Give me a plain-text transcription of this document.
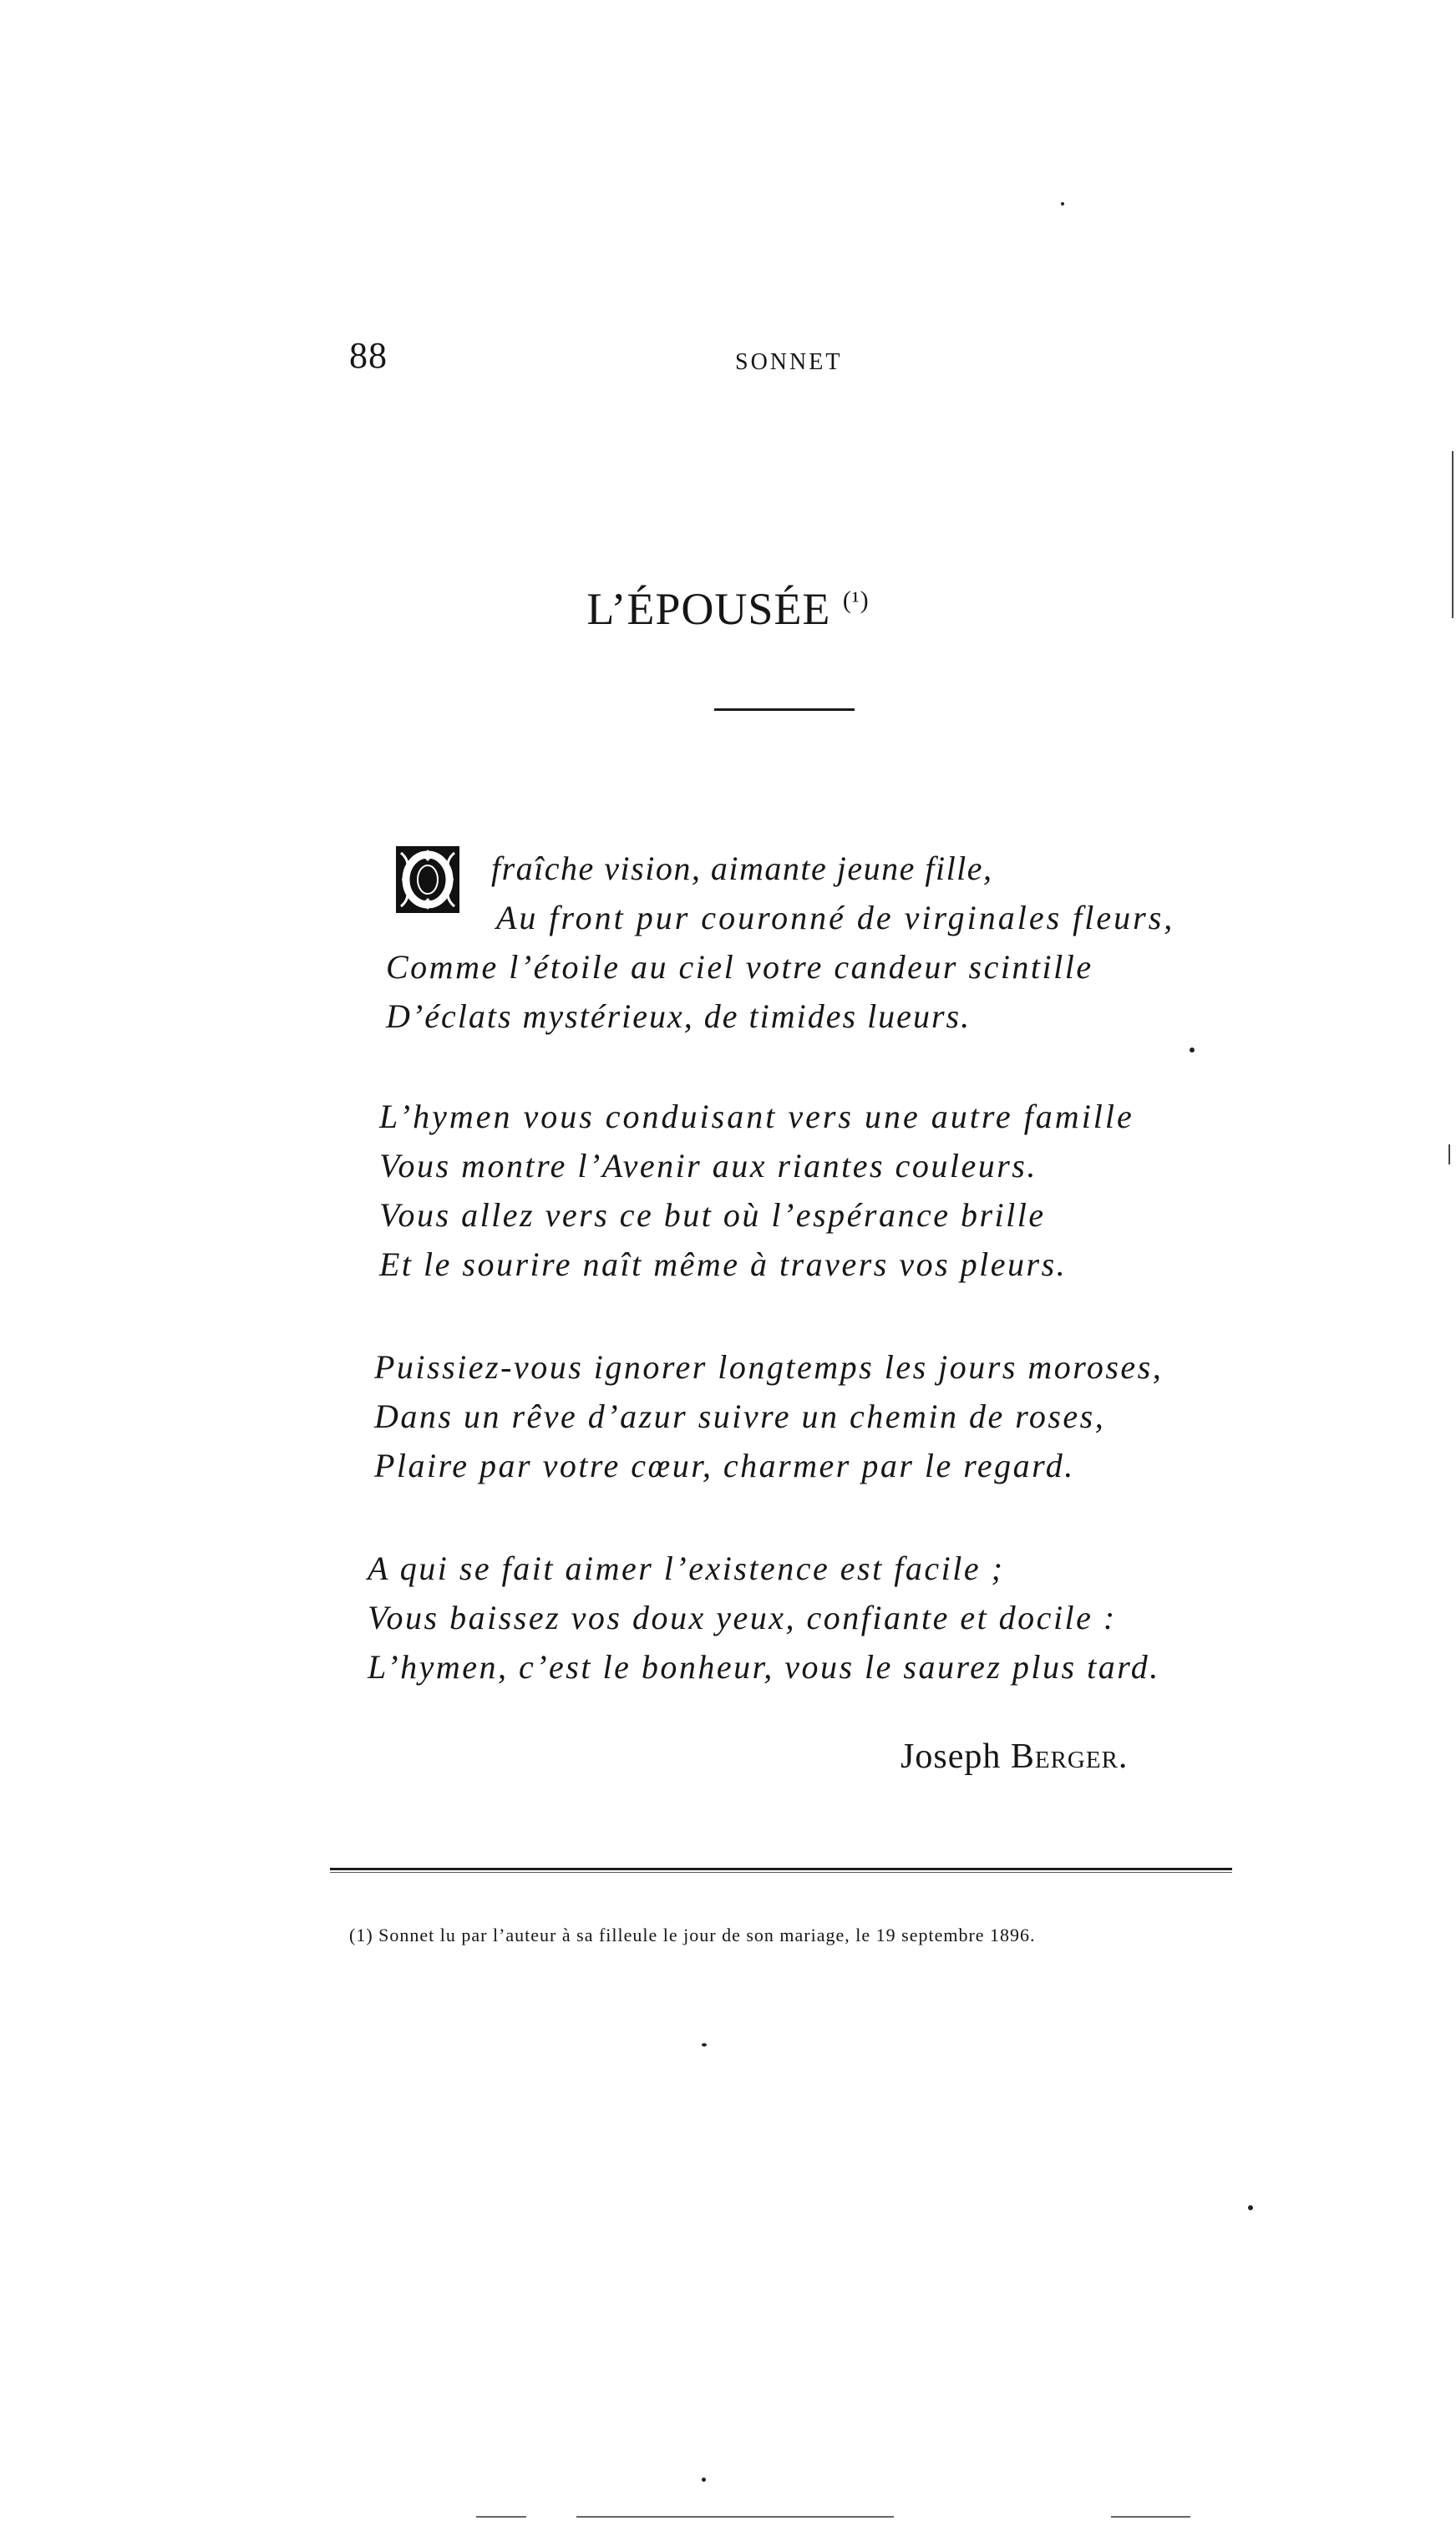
88	SONNET
L’ÉPOUSÉE $^{(^1)}$
fraîche vision, aimante jeune fille,
Au front pur couronné de virginales fleurs,
Comme l’étoile au ciel votre candeur scintille
D’éclats mystérieux, de timides lueurs.
L’hymen vous conduisant vers une autre famille
Vous montre l’Avenir aux riantes couleurs.
Vous allez vers ce but où l’espérance brille
Et le sourire naît même à travers vos pleurs.
Puissiez-vous ignorer longtemps les jours moroses,
Dans un rêve d’azur suivre un chemin de roses,
Plaire par votre cœur, charmer par le regard.
A qui se fait aimer l’existence est facile ;
Vous baissez vos doux yeux, confiante et docile :
L’hymen, c’est le bonheur, vous le saurez plus tard.
Joseph Berger.
(1) Sonnet lu par l’auteur à sa filleule le jour de son mariage, le 19 septembre 1896.
